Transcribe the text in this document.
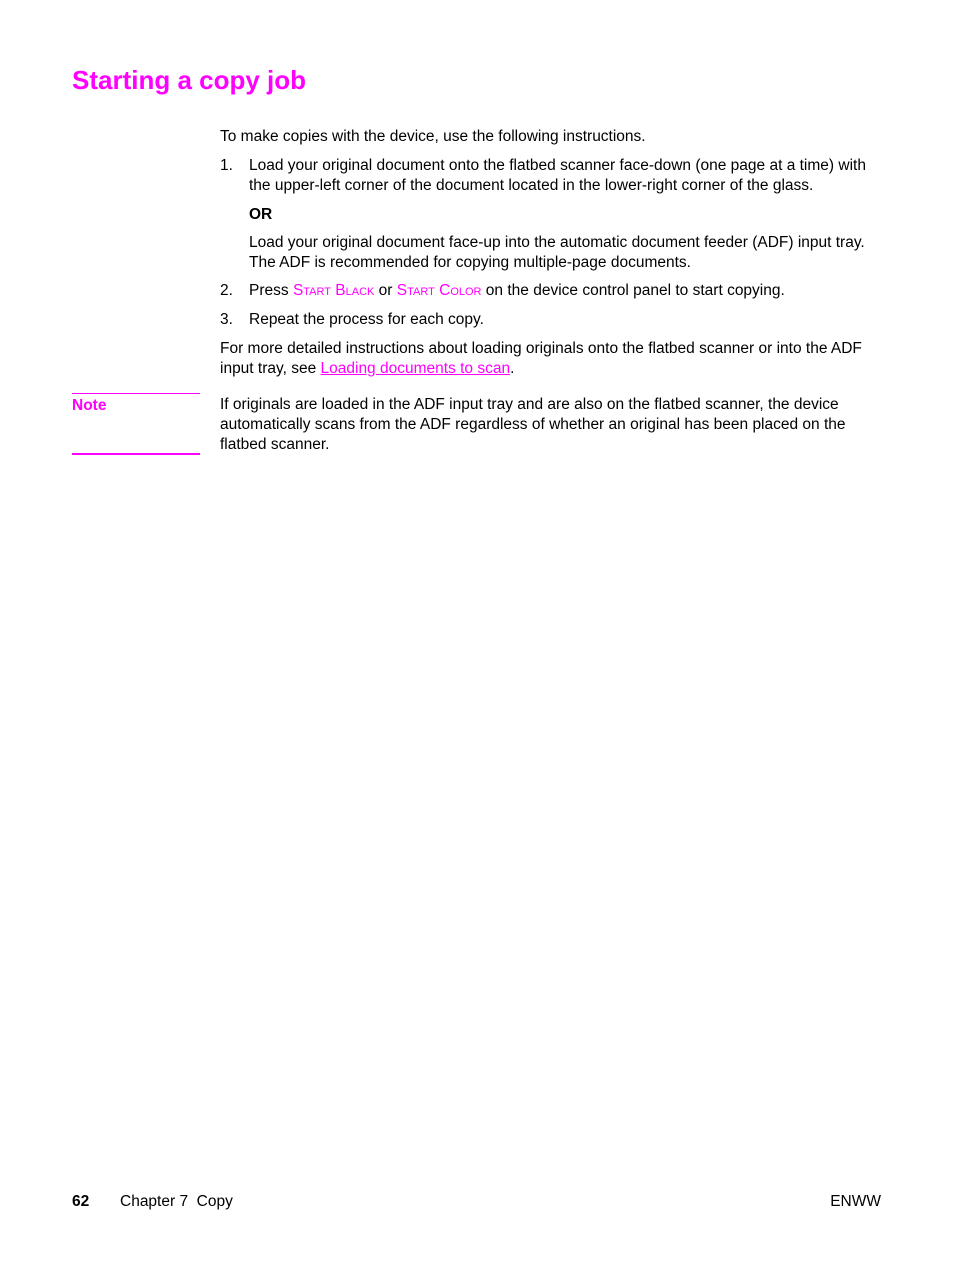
Starting a copy job

To make copies with the device, use the following instructions.

1.	Load your original document onto the flatbed scanner face-down (one page at a time) with the upper-left corner of the document located in the lower-right corner of the glass.
OR

Load your original document face-up into the automatic document feeder (ADF) input tray. The ADF is recommended for copying multiple-page documents.

2.	Press Start Black or Start Color on the device control panel to start copying.
3.	Repeat the process for each copy.

For more detailed instructions about loading originals onto the flatbed scanner or into the ADF input tray, see Loading documents to scan.

Note	If originals are loaded in the ADF input tray and are also on the flatbed scanner, the device automatically scans from the ADF regardless of whether an original has been placed on the flatbed scanner.

62 Chapter 7  Copy	ENWW
